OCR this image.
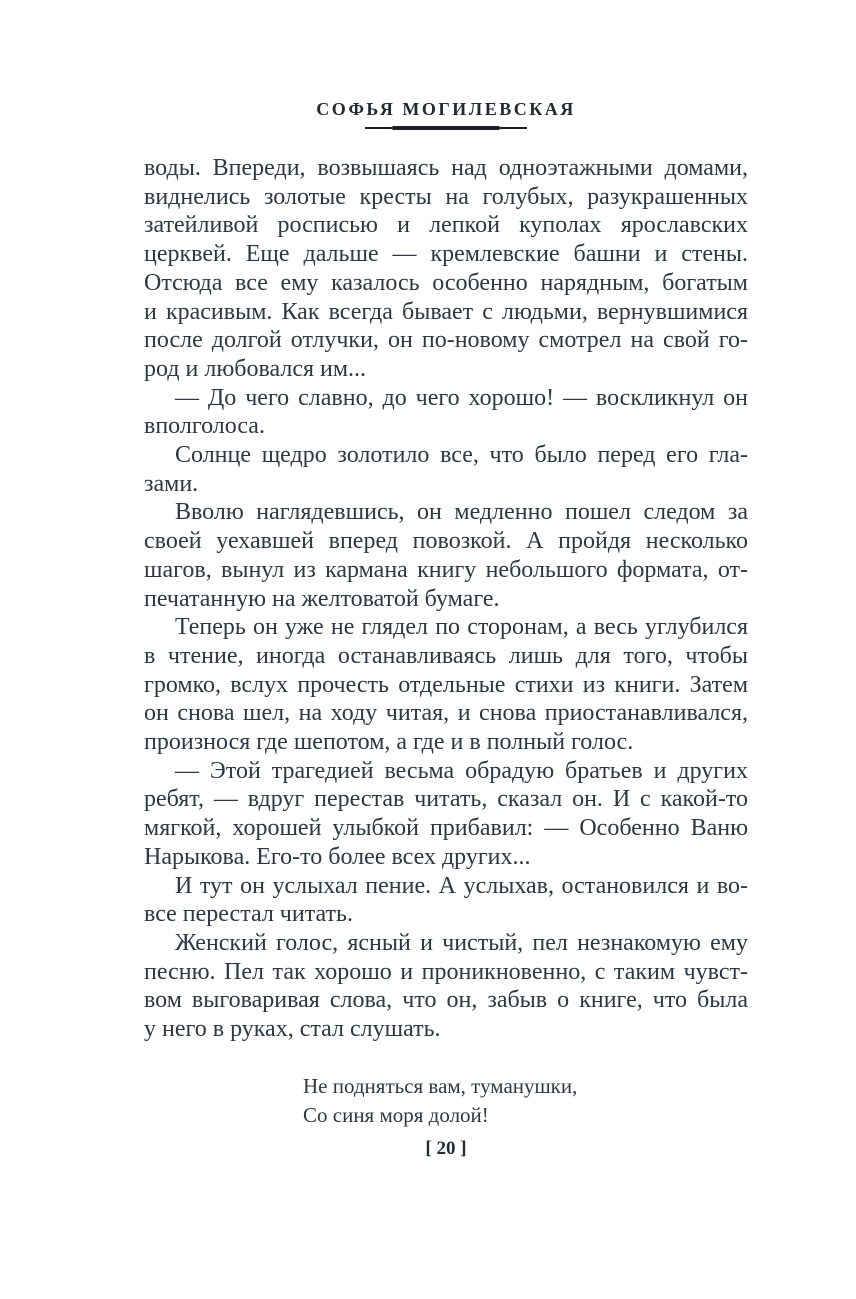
СОФЬЯ МОГИЛЕВСКАЯ
воды. Впереди, возвышаясь над одноэтажными домами,
виднелись золотые кресты на голубых, разукрашенных
затейливой росписью и лепкой куполах ярославских
церквей. Еще дальше — кремлевские башни и стены.
Отсюда все ему казалось особенно нарядным, богатым
и красивым. Как всегда бывает с людьми, вернувшимися
после долгой отлучки, он по-новому смотрел на свой го-
род и любовался им...
— До чего славно, до чего хорошо! — воскликнул он
вполголоса.
Солнце щедро золотило все, что было перед его гла-
зами.
Вволю наглядевшись, он медленно пошел следом за
своей уехавшей вперед повозкой. А пройдя несколько
шагов, вынул из кармана книгу небольшого формата, от-
печатанную на желтоватой бумаге.
Теперь он уже не глядел по сторонам, а весь углубился
в чтение, иногда останавливаясь лишь для того, чтобы
громко, вслух прочесть отдельные стихи из книги. Затем
он снова шел, на ходу читая, и снова приостанавливался,
произнося где шепотом, а где и в полный голос.
— Этой трагедией весьма обрадую братьев и других
ребят, — вдруг перестав читать, сказал он. И с какой-то
мягкой, хорошей улыбкой прибавил: — Особенно Ваню
Нарыкова. Его-то более всех других...
И тут он услыхал пение. А услыхав, остановился и во-
все перестал читать.
Женский голос, ясный и чистый, пел незнакомую ему
песню. Пел так хорошо и проникновенно, с таким чувст-
вом выговаривая слова, что он, забыв о книге, что была
у него в руках, стал слушать.
Не подняться вам, туманушки,
Со синя моря долой!
[ 20 ]
